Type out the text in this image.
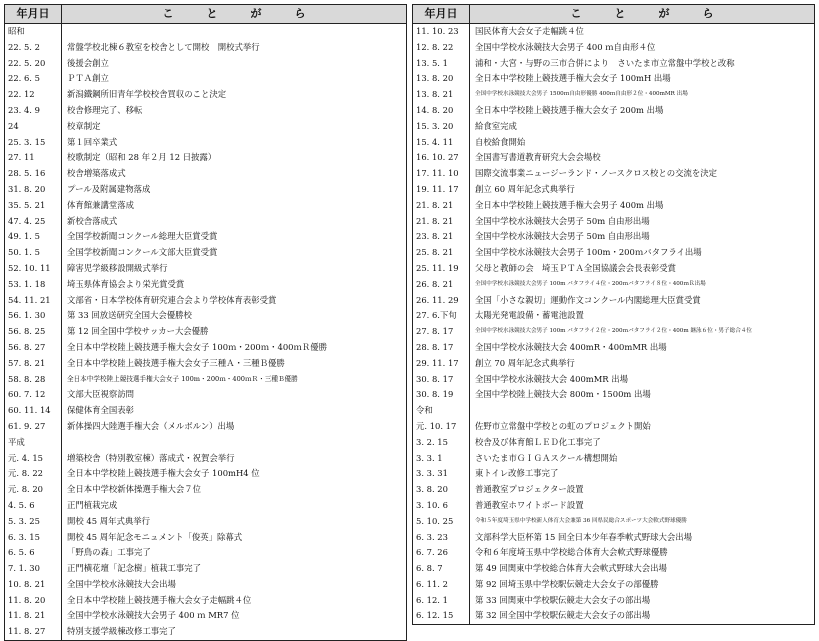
年月日	こ　　　と　　　が　　　ら
昭和
22. 5. 2	常盤学校北棟６教室を校舎として開校　開校式挙行
22. 5. 20	後援会創立
22. 6. 5	ＰＴＡ創立
22. 12	新潟鐵鋼所旧青年学校校舎買収のこと決定
23. 4. 9	校舎修理完了、移転
24	校章制定
25. 3. 15	第１回卒業式
27. 11	校歌制定（昭和 28 年２月 12 日披露）
28. 5. 16	校舎増築落成式
31. 8. 20	プール及附属建物落成
35. 5. 21	体育館兼講堂落成
47. 4. 25	新校舎落成式
49. 1. 5	全国学校新聞コンクール総理大臣賞受賞
50. 1. 5	全国学校新聞コンクール文部大臣賞受賞
52. 10. 11	障害児学級移設開級式挙行
53. 1. 18	埼玉県体育協会より栄光賞受賞
54. 11. 21	文部省・日本学校体育研究連合会より学校体育表彰受賞
56. 1. 30	第 33 回放送研究全国大会優勝校
56. 8. 25	第 12 回全国中学校サッカー大会優勝
56. 8. 27	全日本中学校陸上競技選手権大会女子 100ｍ・200ｍ・400ｍＲ優勝
57. 8. 21	全日本中学校陸上競技選手権大会女子三種Ａ・三種Ｂ優勝
58. 8. 28	全日本中学校陸上競技選手権大会女子 100m・200ｍ・400ｍＲ・三種Ｂ優勝
60. 7. 12	文部大臣視察訪問
60. 11. 14	保健体育全国表彰
61. 9. 27	新体操四大陸選手権大会（メルボルン）出場
平成
元. 4. 15	増築校舎（特別教室棟）落成式・祝賀会挙行
元. 8. 22	全日本中学校陸上競技選手権大会女子 100mH4 位
元. 8. 20	全日本中学校新体操選手権大会７位
4. 5. 6	正門植栽完成
5. 3. 25	開校 45 周年式典挙行
6. 3. 15	開校 45 周年記念モニュメント「俊英」除幕式
6. 5. 6	「野鳥の森」工事完了
7. 1. 30	正門横花壇「記念樹」植栽工事完了
10. 8. 21	全国中学校水泳競技大会出場
11. 8. 20	全日本中学校陸上競技選手権大会女子走幅跳４位
11. 8. 21	全国中学校水泳競技大会男子 400 ｍ MR7 位
11. 8. 27	特別支援学級棟改修工事完了
年月日	こ　　　と　　　が　　　ら
11. 10. 23	国民体育大会女子走幅跳４位
12. 8. 22	全国中学校水泳競技大会男子 400 ｍ自由形４位
13. 5. 1	浦和・大宮・与野の三市合併により　さいたま市立常盤中学校と改称
13. 8. 20	全日本中学校陸上競技選手権大会女子 100mH 出場
13. 8. 21	全国中学校水泳競技大会男子 1500ｍ自由形優勝 400ｍ自由形２位・400mMR 出場
14. 8. 20	全日本中学校陸上競技選手権大会女子 200m 出場
15. 3. 20	給食室完成
15. 4. 11	自校給食開始
16. 10. 27	全国書写書道教育研究大会会場校
17. 11. 10	国際交流事業ニュージーランド・ノースクロス校との交流を決定
19. 11. 17	創立 60 周年記念式典挙行
21. 8. 21	全日本中学校陸上競技選手権大会男子 400m 出場
21. 8. 21	全国中学校水泳競技大会男子 50m 自由形出場
23. 8. 21	全国中学校水泳競技大会男子 50m 自由形出場
25. 8. 21	全国中学校水泳競技大会男子 100m・200ｍバタフライ出場
25. 11. 19	父母と教師の会　埼玉ＰＴＡ全国協議会会長表彰受賞
26. 8. 21	全国中学校水泳競技大会男子 100m バタフライ４位・200ｍバタフライ８位・400ｍＲ出場
26. 11. 29	全国「小さな親切」運動作文コンクール内閣総理大臣賞受賞
27. 6.下旬	太陽光発電設備・蓄電池設置
27. 8. 17	全国中学校水泳競技大会男子 100m バタフライ２位・200ｍバタフライ２位・400m 継泳６位・男子総合４位
28. 8. 17	全国中学校水泳競技大会 400mR・400mMR 出場
29. 11. 17	創立 70 周年記念式典挙行
30. 8. 17	全国中学校水泳競技大会 400mMR 出場
30. 8. 19	全国中学校陸上競技大会 800m・1500m 出場
令和
元. 10. 17	佐野市立常盤中学校との虹のプロジェクト開始
3. 2. 15	校舎及び体育館ＬＥＤ化工事完了
3. 3. 1	さいたま市ＧＩＧＡスクール構想開始
3. 3. 31	東トイレ改修工事完了
3. 8. 20	普通教室プロジェクター設置
3. 10. 6	普通教室ホワイトボード設置
5. 10. 25	令和５年度埼玉県中学校新人体育大会兼第 36 回県民総合スポーツ大会軟式野球優勝
6. 3. 23	文部科学大臣杯第 15 回全日本少年春季軟式野球大会出場
6. 7. 26	令和６年度埼玉県中学校総合体育大会軟式野球優勝
6. 8. 7	第 49 回関東中学校総合体育大会軟式野球大会出場
6. 11. 2	第 92 回埼玉県中学校駅伝競走大会女子の部優勝
6. 12. 1	第 33 回関東中学校駅伝競走大会女子の部出場
6. 12. 15	第 32 回全国中学校駅伝競走大会女子の部出場
